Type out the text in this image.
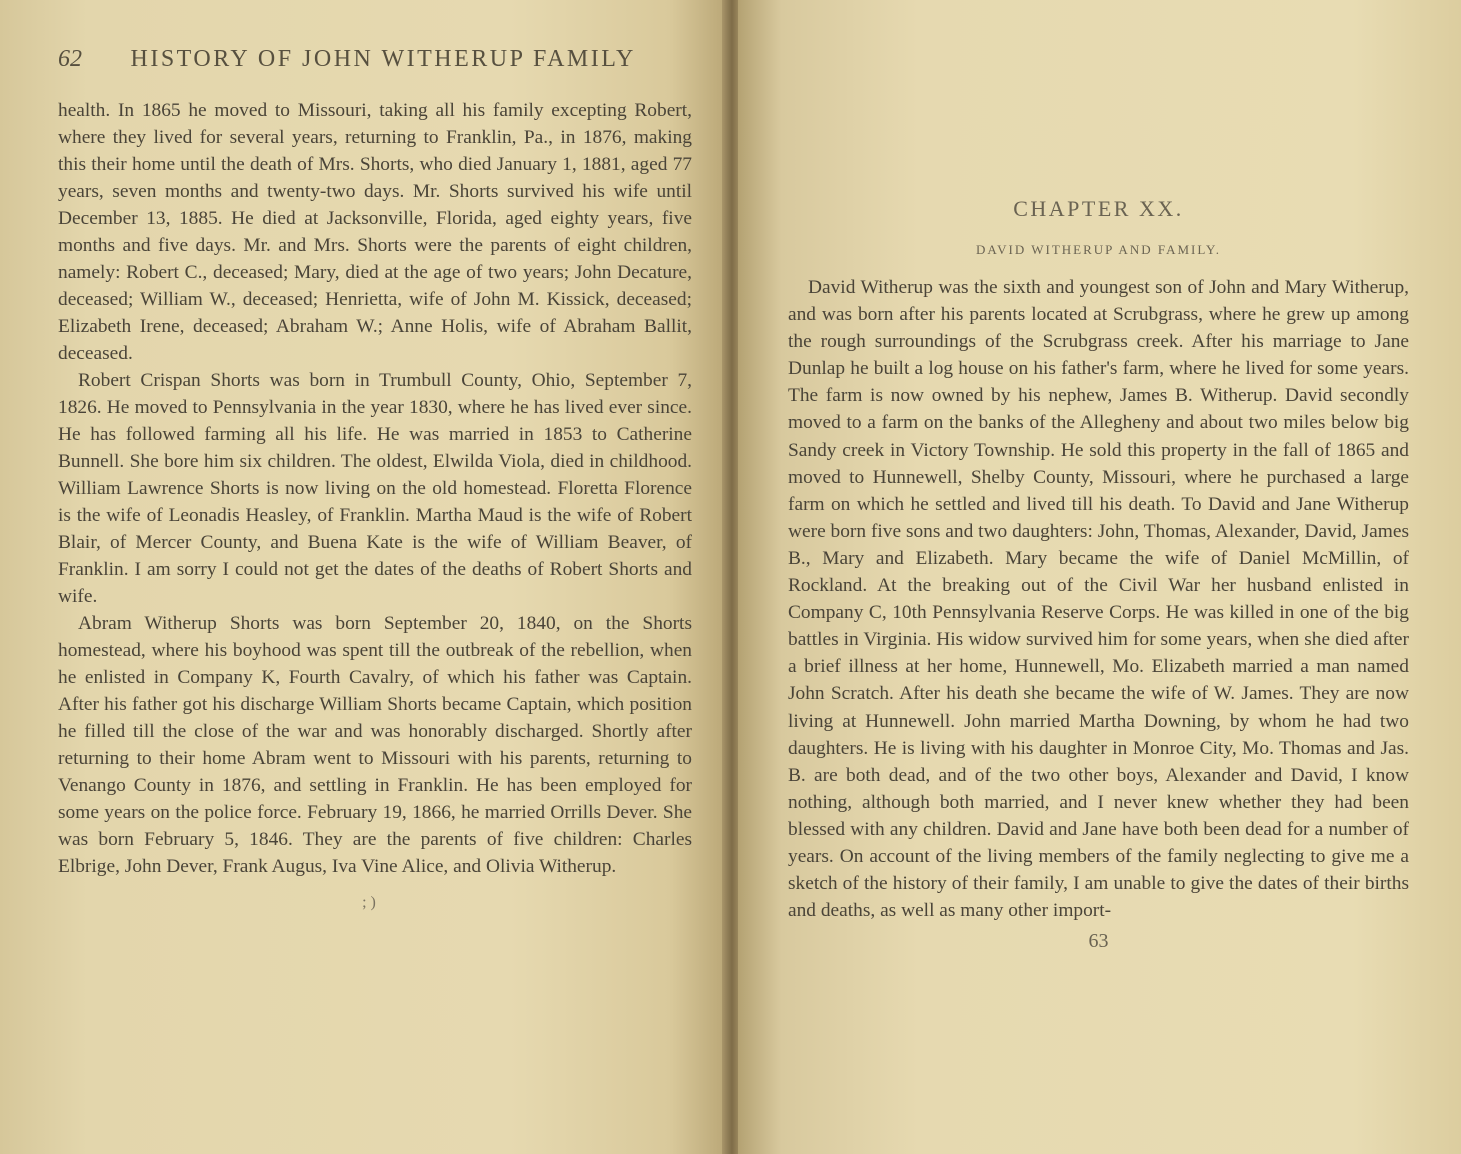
62 HISTORY OF JOHN WITHERUP FAMILY

health. In 1865 he moved to Missouri, taking all his family excepting Robert, where they lived for several years, returning to Franklin, Pa., in 1876, making this their home until the death of Mrs. Shorts, who died January 1, 1881, aged 77 years, seven months and twenty-two days. Mr. Shorts survived his wife until December 13, 1885. He died at Jacksonville, Florida, aged eighty years, five months and five days. Mr. and Mrs. Shorts were the parents of eight children, namely: Robert C., deceased; Mary, died at the age of two years; John Decature, deceased; William W., deceased; Henrietta, wife of John M. Kissick, deceased; Elizabeth Irene, deceased; Abraham W.; Anne Holis, wife of Abraham Ballit, deceased.

Robert Crispan Shorts was born in Trumbull County, Ohio, September 7, 1826. He moved to Pennsylvania in the year 1830, where he has lived ever since. He has followed farming all his life. He was married in 1853 to Catherine Bunnell. She bore him six children. The oldest, Elwilda Viola, died in childhood. William Lawrence Shorts is now living on the old homestead. Floretta Florence is the wife of Leonadis Heasley, of Franklin. Martha Maud is the wife of Robert Blair, of Mercer County, and Buena Kate is the wife of William Beaver, of Franklin. I am sorry I could not get the dates of the deaths of Robert Shorts and wife.

Abram Witherup Shorts was born September 20, 1840, on the Shorts homestead, where his boyhood was spent till the outbreak of the rebellion, when he enlisted in Company K, Fourth Cavalry, of which his father was Captain. After his father got his discharge William Shorts became Captain, which position he filled till the close of the war and was honorably discharged. Shortly after returning to their home Abram went to Missouri with his parents, returning to Venango County in 1876, and settling in Franklin. He has been employed for some years on the police force. February 19, 1866, he married Orrills Dever. She was born February 5, 1846. They are the parents of five children: Charles Elbrige, John Dever, Frank Augus, Iva Vine Alice, and Olivia Witherup.

; )
CHAPTER XX.
DAVID WITHERUP AND FAMILY.

David Witherup was the sixth and youngest son of John and Mary Witherup, and was born after his parents located at Scrubgrass, where he grew up among the rough surroundings of the Scrubgrass creek. After his marriage to Jane Dunlap he built a log house on his father's farm, where he lived for some years. The farm is now owned by his nephew, James B. Witherup. David secondly moved to a farm on the banks of the Allegheny and about two miles below big Sandy creek in Victory Township. He sold this property in the fall of 1865 and moved to Hunnewell, Shelby County, Missouri, where he purchased a large farm on which he settled and lived till his death. To David and Jane Witherup were born five sons and two daughters: John, Thomas, Alexander, David, James B., Mary and Elizabeth. Mary became the wife of Daniel McMillin, of Rockland. At the breaking out of the Civil War her husband enlisted in Company C, 10th Pennsylvania Reserve Corps. He was killed in one of the big battles in Virginia. His widow survived him for some years, when she died after a brief illness at her home, Hunnewell, Mo. Elizabeth married a man named John Scratch. After his death she became the wife of W. James. They are now living at Hunnewell. John married Martha Downing, by whom he had two daughters. He is living with his daughter in Monroe City, Mo. Thomas and Jas. B. are both dead, and of the two other boys, Alexander and David, I know nothing, although both married, and I never knew whether they had been blessed with any children. David and Jane have both been dead for a number of years. On account of the living members of the family neglecting to give me a sketch of the history of their family, I am unable to give the dates of their births and deaths, as well as many other import-

63
